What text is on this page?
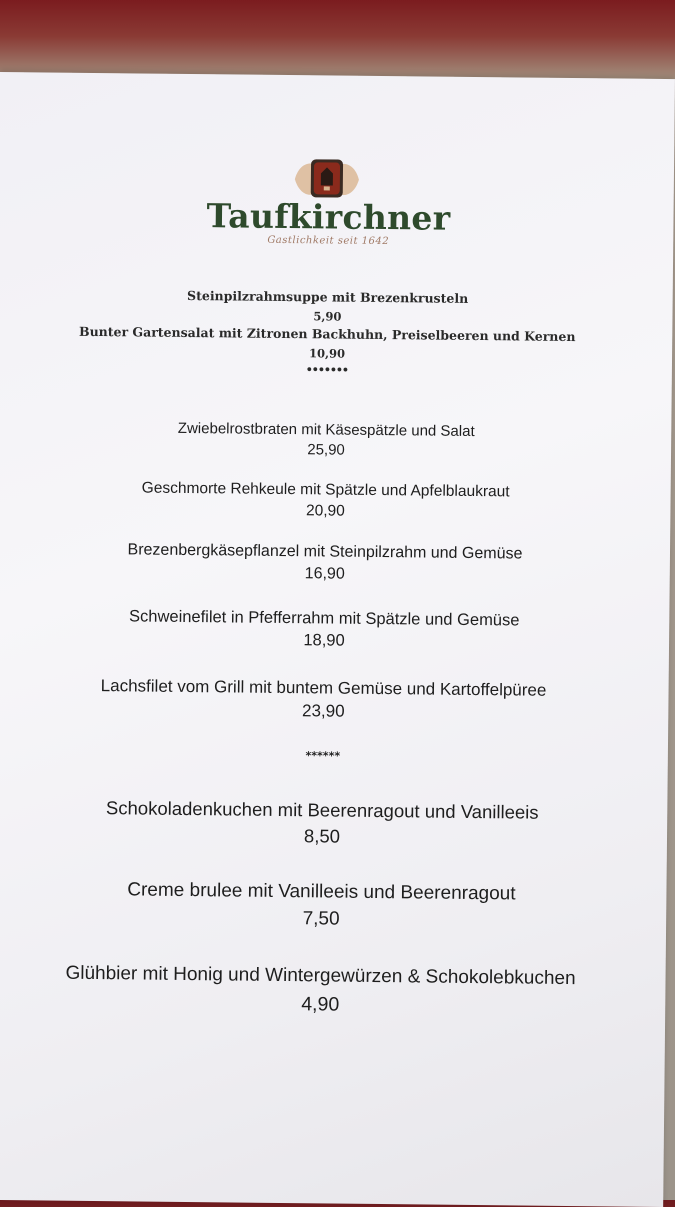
Taufkirchner
Gastlichkeit seit 1642
Steinpilzrahmsuppe mit Brezenkrusteln
5,90
Bunter Gartensalat mit Zitronen Backhuhn, Preiselbeeren und Kernen
10,90
•••••••
Zwiebelrostbraten mit Käsespätzle und Salat
25,90
Geschmorte Rehkeule mit Spätzle und Apfelblaukraut
20,90
Brezenbergkäsepflanzel mit Steinpilzrahm und Gemüse
16,90
Schweinefilet in Pfefferrahm mit Spätzle und Gemüse
18,90
Lachsfilet vom Grill mit buntem Gemüse und Kartoffelpüree
23,90
******
Schokoladenkuchen mit Beerenragout und Vanilleeis
8,50
Creme brulee mit Vanilleeis und Beerenragout
7,50
Glühbier mit Honig und Wintergewürzen & Schokolebkuchen
4,90
